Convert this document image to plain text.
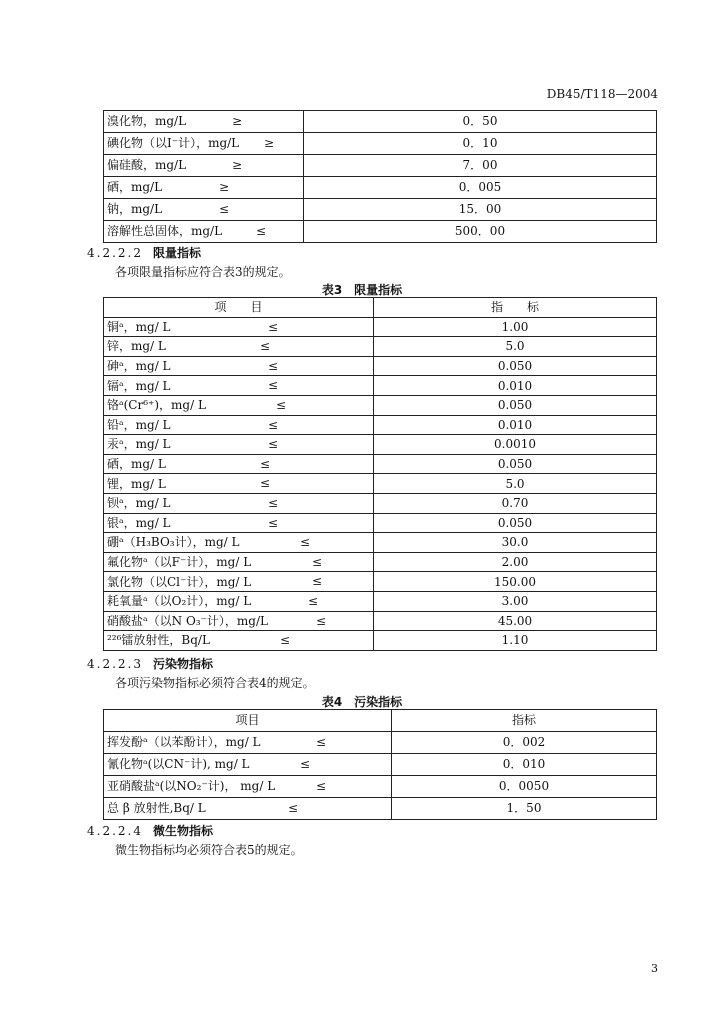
DB45/T118—2004
溴化物，mg/L ≥	0．50
碘化物（以I⁻计），mg/L ≥	0．10
偏硅酸，mg/L ≥	7．00
硒，mg/L ≥	0．005
钠，mg/L ≤	15．00
溶解性总固体，mg/L ≤	500．00
4.2.2.2 限量指标
各项限量指标应符合表3的规定。
表3　限量指标
项　　目	指　　标
铜ᵃ，mg/ L ≤	1.00
锌，mg/ L ≤	5.0
砷ᵃ，mg/ L ≤	0.050
镉ᵃ，mg/ L ≤	0.010
铬ᵃ(Cr⁶⁺)，mg/ L ≤	0.050
铅ᵃ，mg/ L ≤	0.010
汞ᵃ，mg/ L ≤	0.0010
硒，mg/ L ≤	0.050
锂，mg/ L ≤	5.0
钡ᵃ，mg/ L ≤	0.70
银ᵃ，mg/ L ≤	0.050
硼ᵃ（H₃BO₃计），mg/ L ≤	30.0
氟化物ᵃ（以F⁻计），mg/ L ≤	2.00
氯化物（以Cl⁻计），mg/ L ≤	150.00
耗氧量ᵃ（以O₂计），mg/ L ≤	3.00
硝酸盐ᵃ（以N O₃⁻计），mg/L ≤	45.00
²²⁶镭放射性，Bq/L ≤	1.10
4.2.2.3 污染物指标
各项污染物指标必须符合表4的规定。
表4　污染指标
项目	指标
挥发酚ᵃ（以苯酚计），mg/ L ≤	0．002
氰化物ᵃ(以CN⁻计), mg/ L ≤	0．010
亚硝酸盐ᵃ(以NO₂⁻计)， mg/ L ≤	0．0050
总 β 放射性,Bq/ L ≤	1．50
4.2.2.4 微生物指标
微生物指标均必须符合表5的规定。
3
